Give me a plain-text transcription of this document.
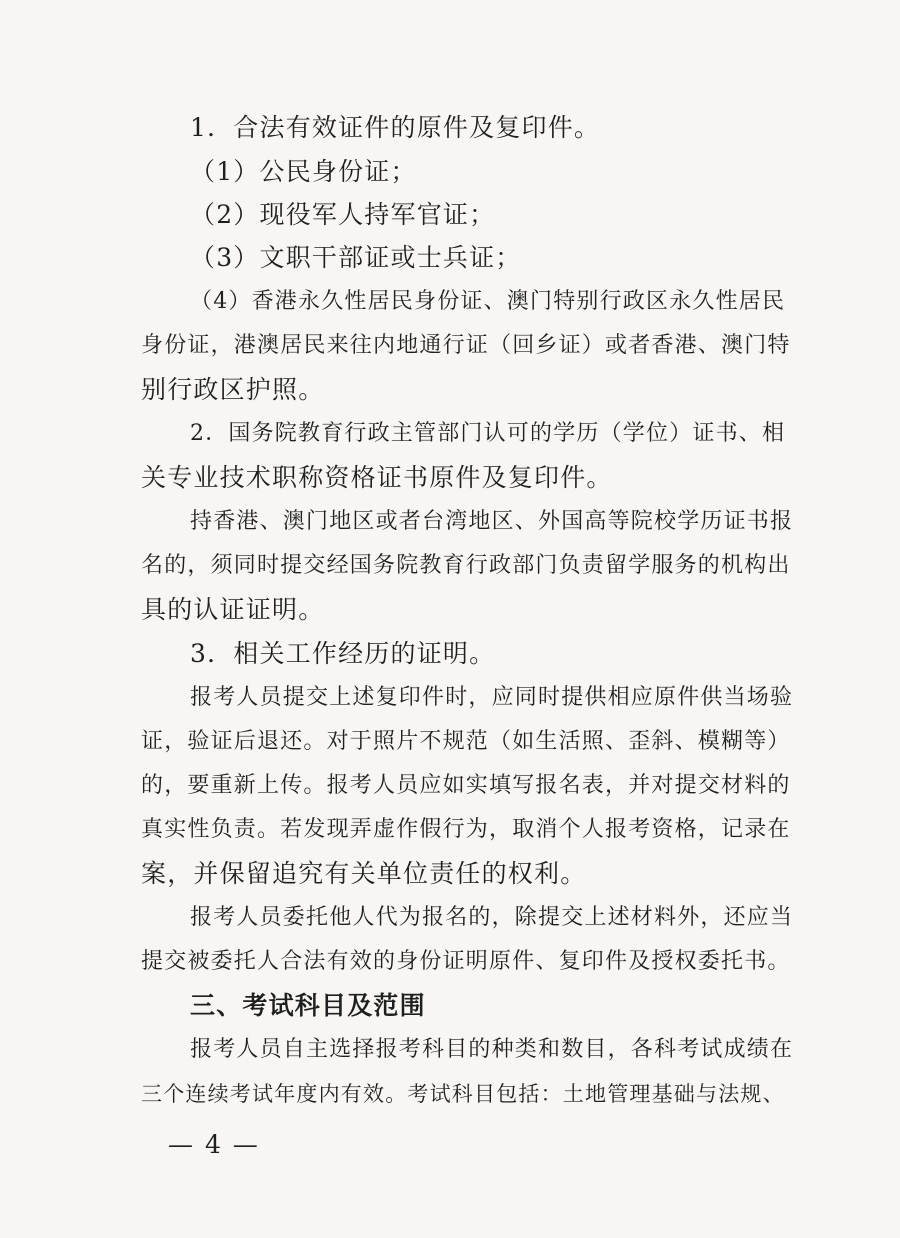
1．合法有效证件的原件及复印件。
（1）公民身份证；
（2）现役军人持军官证；
（3）文职干部证或士兵证；
（4）香港永久性居民身份证、澳门特别行政区永久性居民
身份证，港澳居民来往内地通行证（回乡证）或者香港、澳门特
别行政区护照。
2．国务院教育行政主管部门认可的学历（学位）证书、相
关专业技术职称资格证书原件及复印件。
持香港、澳门地区或者台湾地区、外国高等院校学历证书报
名的，须同时提交经国务院教育行政部门负责留学服务的机构出
具的认证证明。
3．相关工作经历的证明。
报考人员提交上述复印件时，应同时提供相应原件供当场验
证，验证后退还。对于照片不规范（如生活照、歪斜、模糊等）
的，要重新上传。报考人员应如实填写报名表，并对提交材料的
真实性负责。若发现弄虚作假行为，取消个人报考资格，记录在
案，并保留追究有关单位责任的权利。
报考人员委托他人代为报名的，除提交上述材料外，还应当
提交被委托人合法有效的身份证明原件、复印件及授权委托书。
三、考试科目及范围
报考人员自主选择报考科目的种类和数目，各科考试成绩在
三个连续考试年度内有效。考试科目包括：土地管理基础与法规、
— 4 —
